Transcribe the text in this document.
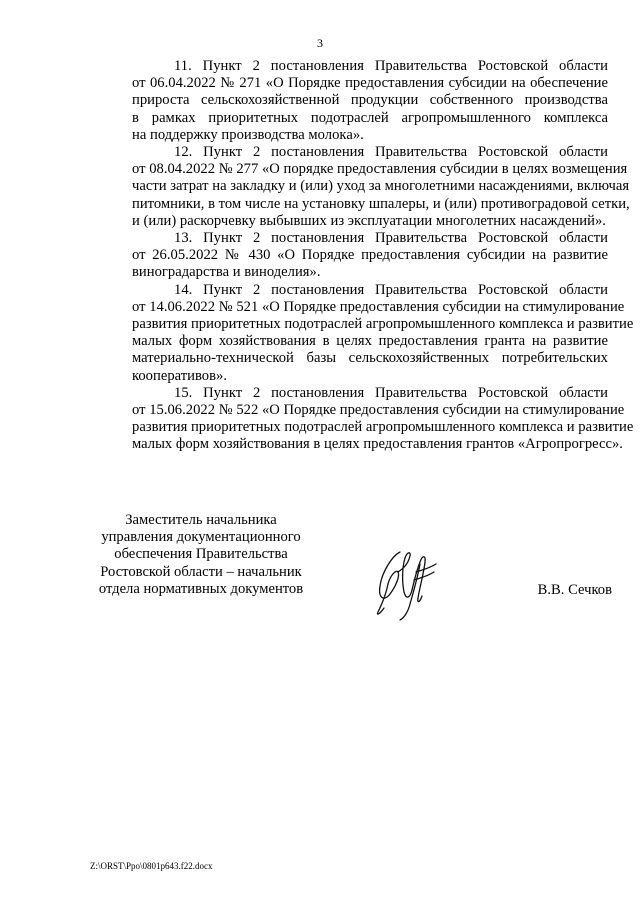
3

11. Пункт 2 постановления Правительства Ростовской области
от 06.04.2022 № 271 «О Порядке предоставления субсидии на обеспечение
прироста сельскохозяйственной продукции собственного производства
в рамках приоритетных подотраслей агропромышленного комплекса
на поддержку производства молока».

12. Пункт 2 постановления Правительства Ростовской области
от 08.04.2022 № 277 «О порядке предоставления субсидии в целях возмещения
части затрат на закладку и (или) уход за многолетними насаждениями, включая
питомники, в том числе на установку шпалеры, и (или) противоградовой сетки,
и (или) раскорчевку выбывших из эксплуатации многолетних насаждений».

13. Пункт 2 постановления Правительства Ростовской области
от 26.05.2022 № 430 «О Порядке предоставления субсидии на развитие
виноградарства и виноделия».

14. Пункт 2 постановления Правительства Ростовской области
от 14.06.2022 № 521 «О Порядке предоставления субсидии на стимулирование
развития приоритетных подотраслей агропромышленного комплекса и развитие
малых форм хозяйствования в целях предоставления гранта на развитие
материально-технической базы сельскохозяйственных потребительских
кооперативов».

15. Пункт 2 постановления Правительства Ростовской области
от 15.06.2022 № 522 «О Порядке предоставления субсидии на стимулирование
развития приоритетных подотраслей агропромышленного комплекса и развитие
малых форм хозяйствования в целях предоставления грантов «Агропрогресс».

Заместитель начальника
управления документационного
обеспечения Правительства
Ростовской области – начальник
отдела нормативных документов	В.В. Сечков
Z:\ORST\Ppo\0801p643.f22.docx
